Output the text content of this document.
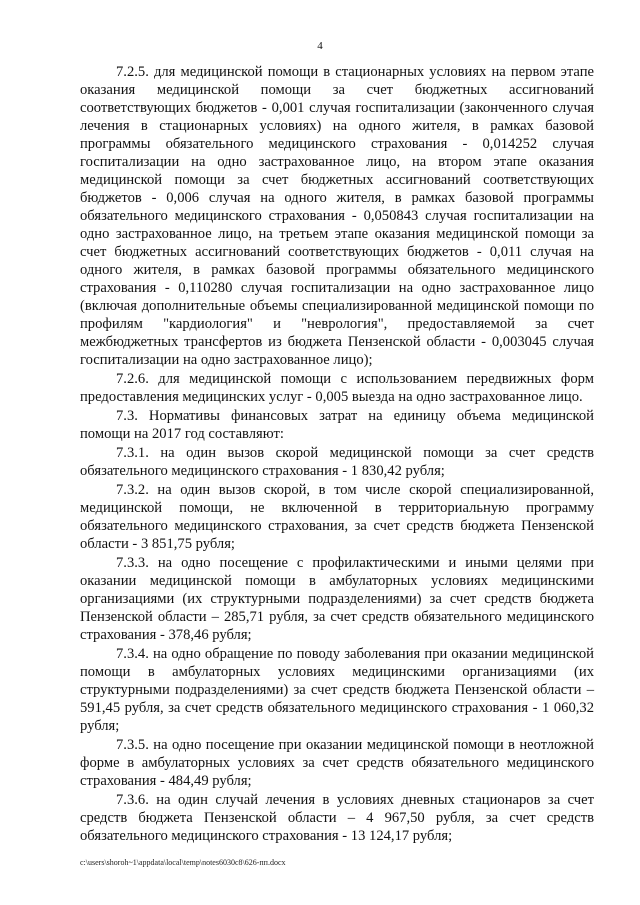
4

7.2.5. для медицинской помощи в стационарных условиях на первом этапе оказания медицинской помощи за счет бюджетных ассигнований соответствующих бюджетов - 0,001 случая госпитализации (законченного случая лечения в стационарных условиях) на одного жителя, в рамках базовой программы обязательного медицинского страхования - 0,014252 случая госпитализации на одно застрахованное лицо, на втором этапе оказания медицинской помощи за счет бюджетных ассигнований соответствующих бюджетов - 0,006 случая на одного жителя, в рамках базовой программы обязательного медицинского страхования - 0,050843 случая госпитализации на одно застрахованное лицо, на третьем этапе оказания медицинской помощи за счет бюджетных ассигнований соответствующих бюджетов - 0,011 случая на одного жителя, в рамках базовой программы обязательного медицинского страхования - 0,110280 случая госпитализации на одно застрахованное лицо (включая дополнительные объемы специализированной медицинской помощи по профилям "кардиология" и "неврология", предоставляемой за счет межбюджетных трансфертов из бюджета Пензенской области - 0,003045 случая госпитализации на одно застрахованное лицо);

7.2.6. для медицинской помощи с использованием передвижных форм предоставления медицинских услуг - 0,005 выезда на одно застрахованное лицо.

7.3. Нормативы финансовых затрат на единицу объема медицинской помощи на 2017 год составляют:

7.3.1. на один вызов скорой медицинской помощи за счет средств обязательного медицинского страхования - 1 830,42 рубля;

7.3.2. на один вызов скорой, в том числе скорой специализированной, медицинской помощи, не включенной в территориальную программу обязательного медицинского страхования, за счет средств бюджета Пензенской области - 3 851,75 рубля;

7.3.3. на одно посещение с профилактическими и иными целями при оказании медицинской помощи в амбулаторных условиях медицинскими организациями (их структурными подразделениями) за счет средств бюджета Пензенской области – 285,71 рубля, за счет средств обязательного медицинского страхования - 378,46 рубля;

7.3.4. на одно обращение по поводу заболевания при оказании медицинской помощи в амбулаторных условиях медицинскими организациями (их структурными подразделениями) за счет средств бюджета Пензенской области – 591,45 рубля, за счет средств обязательного медицинского страхования - 1 060,32 рубля;

7.3.5. на одно посещение при оказании медицинской помощи в неотложной форме в амбулаторных условиях за счет средств обязательного медицинского страхования - 484,49 рубля;

7.3.6. на один случай лечения в условиях дневных стационаров за счет средств бюджета Пензенской области – 4 967,50 рубля, за счет средств обязательного медицинского страхования - 13 124,17 рубля;

c:\users\shoroh~1\appdata\local\temp\notes6030c8\626-пп.docx
